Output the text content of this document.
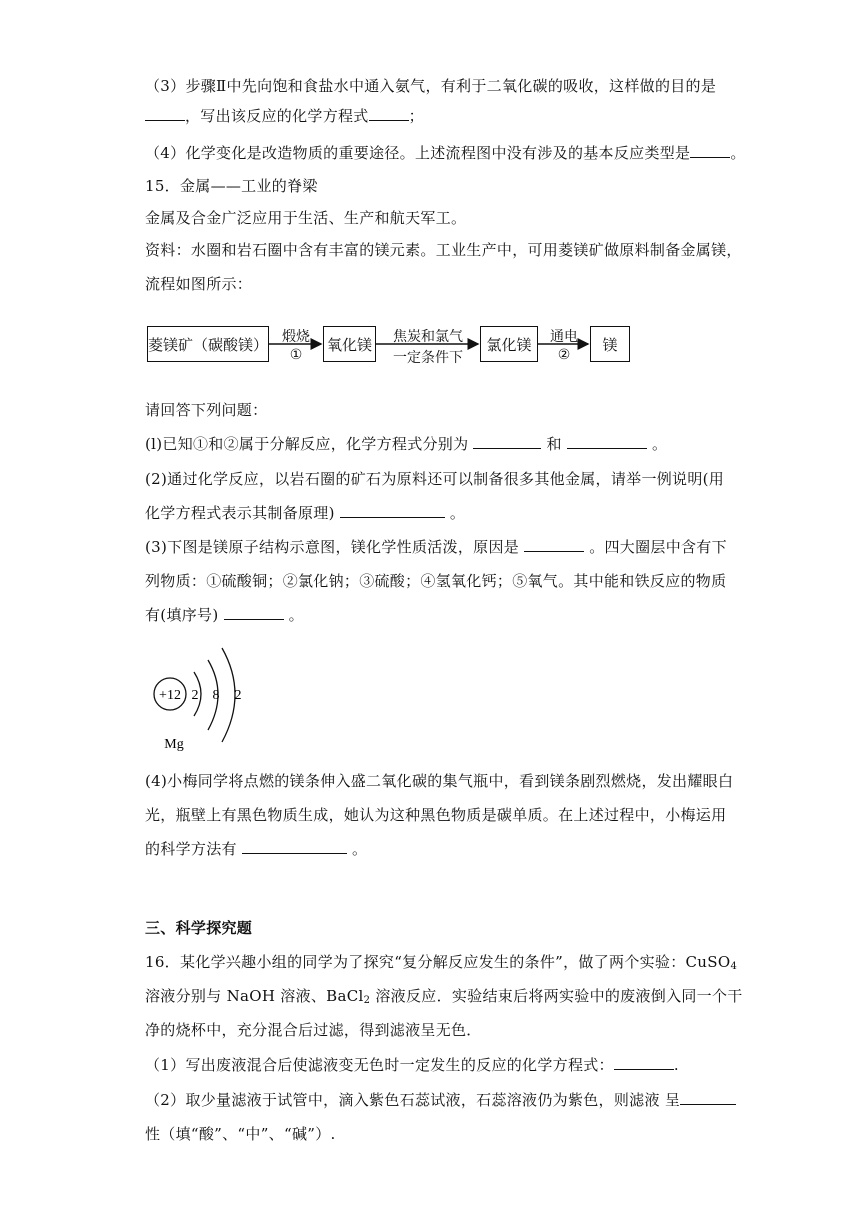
（3）步骤Ⅱ中先向饱和食盐水中通入氨气，有利于二氧化碳的吸收，这样做的目的是
，写出该反应的化学方程式	；
（4）化学变化是改造物质的重要途径。上述流程图中没有涉及的基本反应类型是	。
15．金属——工业的脊梁
金属及合金广泛应用于生活、生产和航天军工。
资料：水圈和岩石圈中含有丰富的镁元素。工业生产中，可用菱镁矿做原料制备金属镁，
流程如图所示：
菱镁矿（碳酸镁） 煅烧
①
氧化镁	焦炭和氯气
一定条件下
氯化镁	通电
②
镁
请回答下列问题：
(l)已知①和②属于分解反应，化学方程式分别为	和	。
(2)通过化学反应，以岩石圈的矿石为原料还可以制备很多其他金属，请举一例说明(用
化学方程式表示其制备原理)	。
(3)下图是镁原子结构示意图，镁化学性质活泼，原因是	。四大圈层中含有下
列物质：①硫酸铜；②氯化钠；③硫酸；④氢氧化钙；⑤氧气。其中能和铁反应的物质
有(填序号)	。
+12 2 8 2
Mg
(4)小梅同学将点燃的镁条伸入盛二氧化碳的集气瓶中，看到镁条剧烈燃烧，发出耀眼白
光，瓶壁上有黑色物质生成，她认为这种黑色物质是碳单质。在上述过程中，小梅运用
的科学方法有	。
三、科学探究题
16．某化学兴趣小组的同学为了探究“复分解反应发生的条件”，做了两个实验：CuSO$_4$
溶液分别与 NaOH 溶液、BaCl$_2$ 溶液反应．实验结束后将两实验中的废液倒入同一个干
净的烧杯中，充分混合后过滤，得到滤液呈无色．
（1）写出废液混合后使滤液变无色时一定发生的反应的化学方程式：	.
（2）取少量滤液于试管中，滴入紫色石蕊试液，石蕊溶液仍为紫色，则滤液 呈
性（填“酸”、“中”、“碱”）.
